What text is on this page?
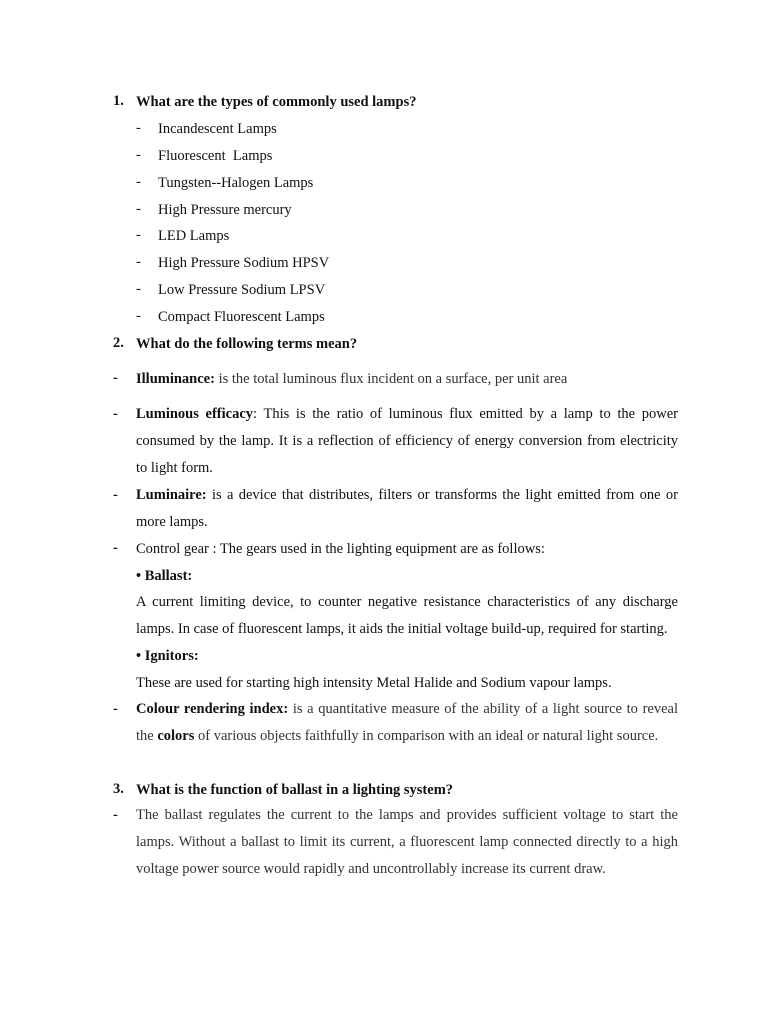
1. What are the types of commonly used lamps?
- Incandescent Lamps
- Fluorescent  Lamps
- Tungsten--Halogen Lamps
- High Pressure mercury
- LED Lamps
- High Pressure Sodium HPSV
- Low Pressure Sodium LPSV
- Compact Fluorescent Lamps
2. What do the following terms mean?
- Illuminance: is the total luminous flux incident on a surface, per unit area
- Luminous efficacy: This is the ratio of luminous flux emitted by a lamp to the power
consumed by the lamp. It is a reflection of efficiency of energy conversion from electricity
to light form.
- Luminaire: is a device that distributes, filters or transforms the light emitted from one or
more lamps.
- Control gear : The gears used in the lighting equipment are as follows:
• Ballast:
A current limiting device, to counter negative resistance characteristics of any discharge
lamps. In case of fluorescent lamps, it aids the initial voltage build-up, required for starting.
• Ignitors:
These are used for starting high intensity Metal Halide and Sodium vapour lamps.
- Colour rendering index: is a quantitative measure of the ability of a light source to reveal
the colors of various objects faithfully in comparison with an ideal or natural light source.
3. What is the function of ballast in a lighting system?
- The ballast regulates the current to the lamps and provides sufficient voltage to start the
lamps. Without a ballast to limit its current, a fluorescent lamp connected directly to a high
voltage power source would rapidly and uncontrollably increase its current draw.
